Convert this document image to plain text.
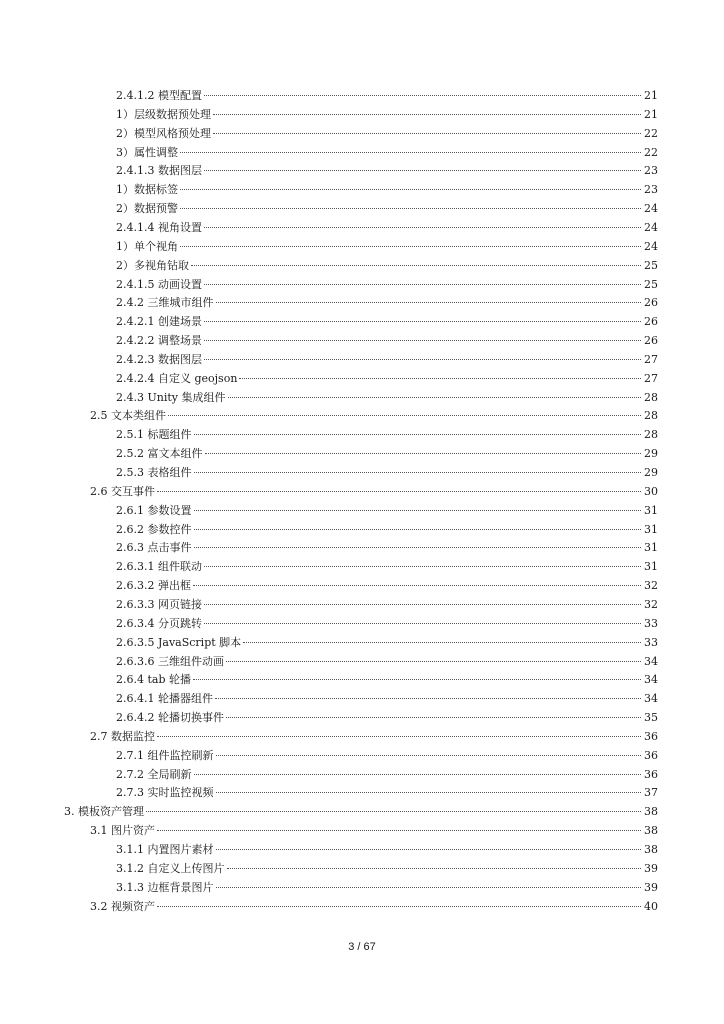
2.4.1.2 模型配置	21
1）层级数据预处理	21
2）模型风格预处理	22
3）属性调整	22
2.4.1.3 数据图层	23
1）数据标签	23
2）数据预警	24
2.4.1.4 视角设置	24
1）单个视角	24
2）多视角钻取	25
2.4.1.5 动画设置	25
2.4.2 三维城市组件	26
2.4.2.1 创建场景	26
2.4.2.2 调整场景	26
2.4.2.3 数据图层	27
2.4.2.4 自定义 geojson	27
2.4.3 Unity 集成组件	28
2.5 文本类组件	28
2.5.1 标题组件	28
2.5.2 富文本组件	29
2.5.3 表格组件	29
2.6 交互事件	30
2.6.1 参数设置	31
2.6.2 参数控件	31
2.6.3 点击事件	31
2.6.3.1 组件联动	31
2.6.3.2 弹出框	32
2.6.3.3 网页链接	32
2.6.3.4 分页跳转	33
2.6.3.5 JavaScript 脚本	33
2.6.3.6 三维组件动画	34
2.6.4 tab 轮播	34
2.6.4.1 轮播器组件	34
2.6.4.2 轮播切换事件	35
2.7 数据监控	36
2.7.1 组件监控刷新	36
2.7.2 全局刷新	36
2.7.3 实时监控视频	37
3. 模板资产管理	38
3.1 图片资产	38
3.1.1 内置图片素材	38
3.1.2 自定义上传图片	39
3.1.3 边框背景图片	39
3.2 视频资产	40
3 / 67
